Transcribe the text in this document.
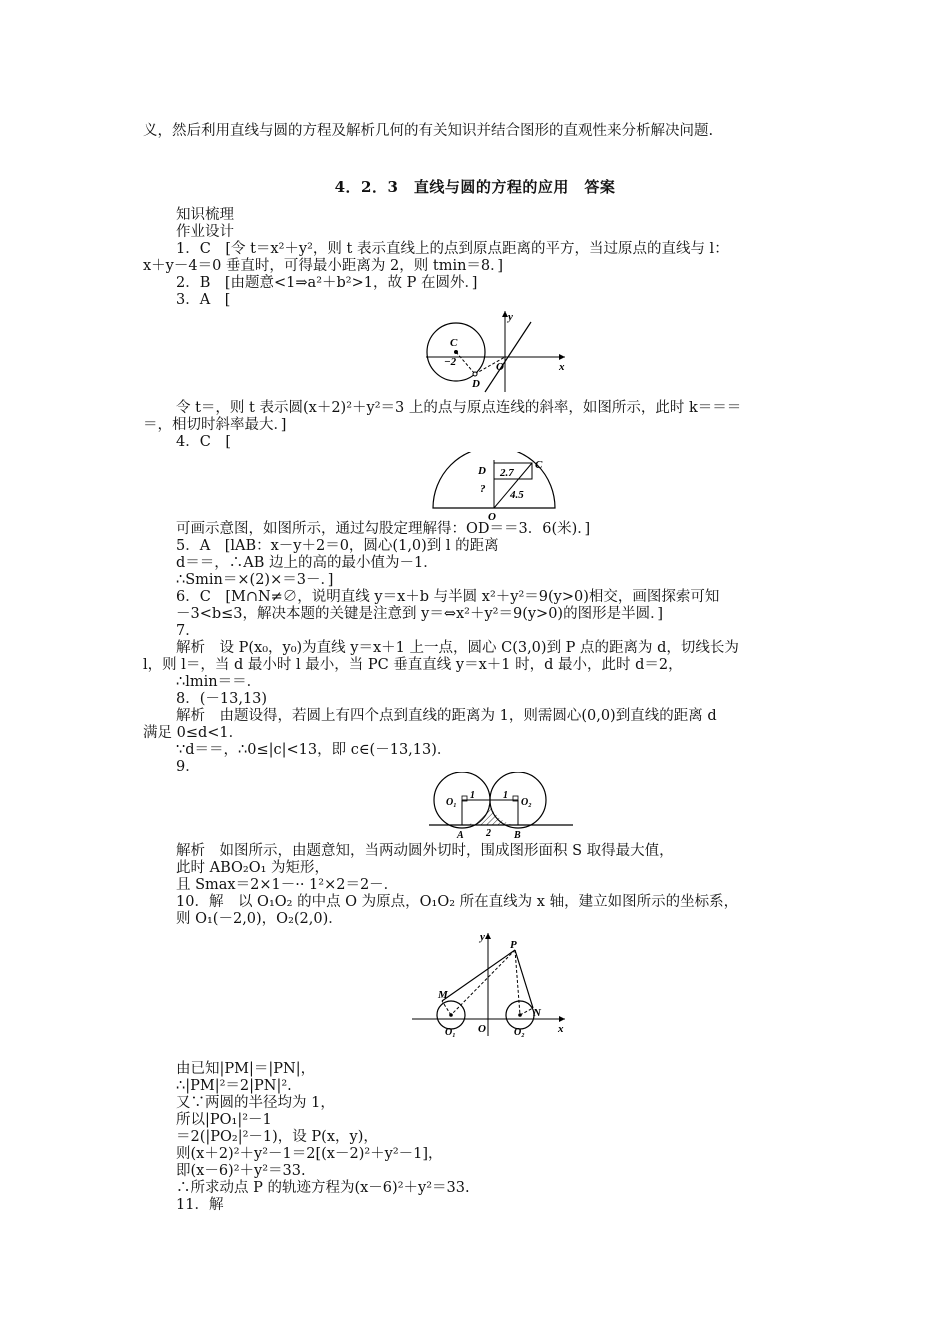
义，然后利用直线与圆的方程及解析几何的有关知识并结合图形的直观性来分析解决问题.
4．2．3　直线与圆的方程的应用　答案
知识梳理
作业设计
1．C　[令 t＝x²＋y²，则 t 表示直线上的点到原点距离的平方，当过原点的直线与 l：
x＋y－4＝0 垂直时，可得最小距离为 2，则 tmin＝8．]
2．B　[由题意<1⇒a²＋b²>1，故 P 在圆外．]
3．A　[
y
x
C
O
D
−2
令 t＝，则 t 表示圆(x＋2)²＋y²＝3 上的点与原点连线的斜率，如图所示，此时 k＝＝＝
＝，相切时斜率最大．]
4．C　[
D	C
2.7
? 4.5
O
可画示意图，如图所示，通过勾股定理解得：OD＝＝3．6(米)．]
5．A　[lAB：x－y＋2＝0，圆心(1,0)到 l 的距离
d＝＝，∴AB 边上的高的最小值为－1．
∴Smin＝×(2)×＝3－．]
6．C　[M∩N≠∅，说明直线 y＝x＋b 与半圆 x²＋y²＝9(y>0)相交，画图探索可知
－3<b≤3，解决本题的关键是注意到 y＝⇔x²＋y²＝9(y>0)的图形是半圆．]
7．
解析　设 P(x₀，y₀)为直线 y＝x＋1 上一点，圆心 C(3,0)到 P 点的距离为 d，切线长为
l，则 l＝，当 d 最小时 l 最小，当 PC 垂直直线 y＝x＋1 时，d 最小，此时 d＝2，
∴lmin＝＝．
8．(－13,13)
解析　由题设得，若圆上有四个点到直线的距离为 1，则需圆心(0,0)到直线的距离 d
满足 0≤d<1．
∵d＝＝，∴0≤|c|<13，即 c∈(－13,13)．
9．
O₁	O₂
1	1
A	B
2
解析　如图所示，由题意知，当两动圆外切时，围成图形面积 S 取得最大值，
此时 ABO₂O₁ 为矩形，
且 Smax＝2×1－·· 1²×2＝2－．
10．解　以 O₁O₂ 的中点 O 为原点，O₁O₂ 所在直线为 x 轴，建立如图所示的坐标系，
则 O₁(－2,0)，O₂(2,0)．
y
x
P
M
N
O
O₁	O₂
由已知|PM|＝|PN|，
∴|PM|²＝2|PN|².
又∵两圆的半径均为 1，
所以|PO₁|²－1
＝2(|PO₂|²－1)，设 P(x，y)，
则(x＋2)²＋y²－1＝2[(x－2)²＋y²－1]，
即(x－6)²＋y²＝33.
∴所求动点 P 的轨迹方程为(x－6)²＋y²＝33.
11．解
